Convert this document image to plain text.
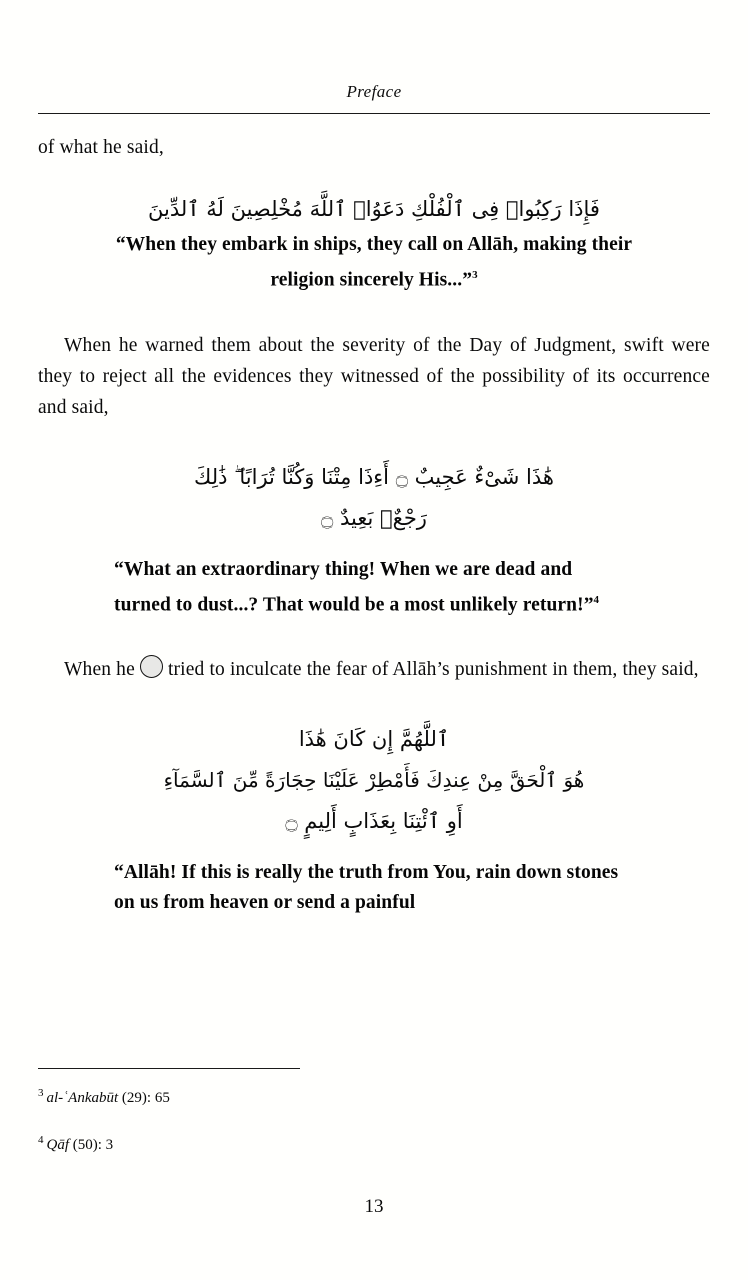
Preface

of what he said,

فَإِذَا رَكِبُوا۟ فِى ٱلْفُلْكِ دَعَوُا۟ ٱللَّهَ مُخْلِصِينَ لَهُ ٱلدِّينَ
“When they embark in ships, they call on Allāh, making their religion sincerely His...”$^3$

When he warned them about the severity of the Day of Judgment, swift were they to reject all the evidences they witnessed of the possibility of its occurrence and said,

هَٰذَا شَىْءٌ عَجِيبٌ ۝ أَءِذَا مِتْنَا وَكُنَّا تُرَابًا ۖ ذَٰلِكَ
رَجْعٌۢ بَعِيدٌ ۝
“What an extraordinary thing! When we are dead and turned to dust...? That would be a most unlikely return!”$^4$

When he  tried to inculcate the fear of Allāh’s punishment in them, they said,

ٱللَّهُمَّ إِن كَانَ هَٰذَا
هُوَ ٱلْحَقَّ مِنْ عِندِكَ فَأَمْطِرْ عَلَيْنَا حِجَارَةً مِّنَ ٱلسَّمَآءِ
أَوِ ٱئْتِنَا بِعَذَابٍ أَلِيمٍ ۝
“Allāh! If this is really the truth from You, rain down stones on us from heaven or send a painful
$^3$ al-ʿAnkabūt (29): 65
$^4$ Qāf (50): 3
13
